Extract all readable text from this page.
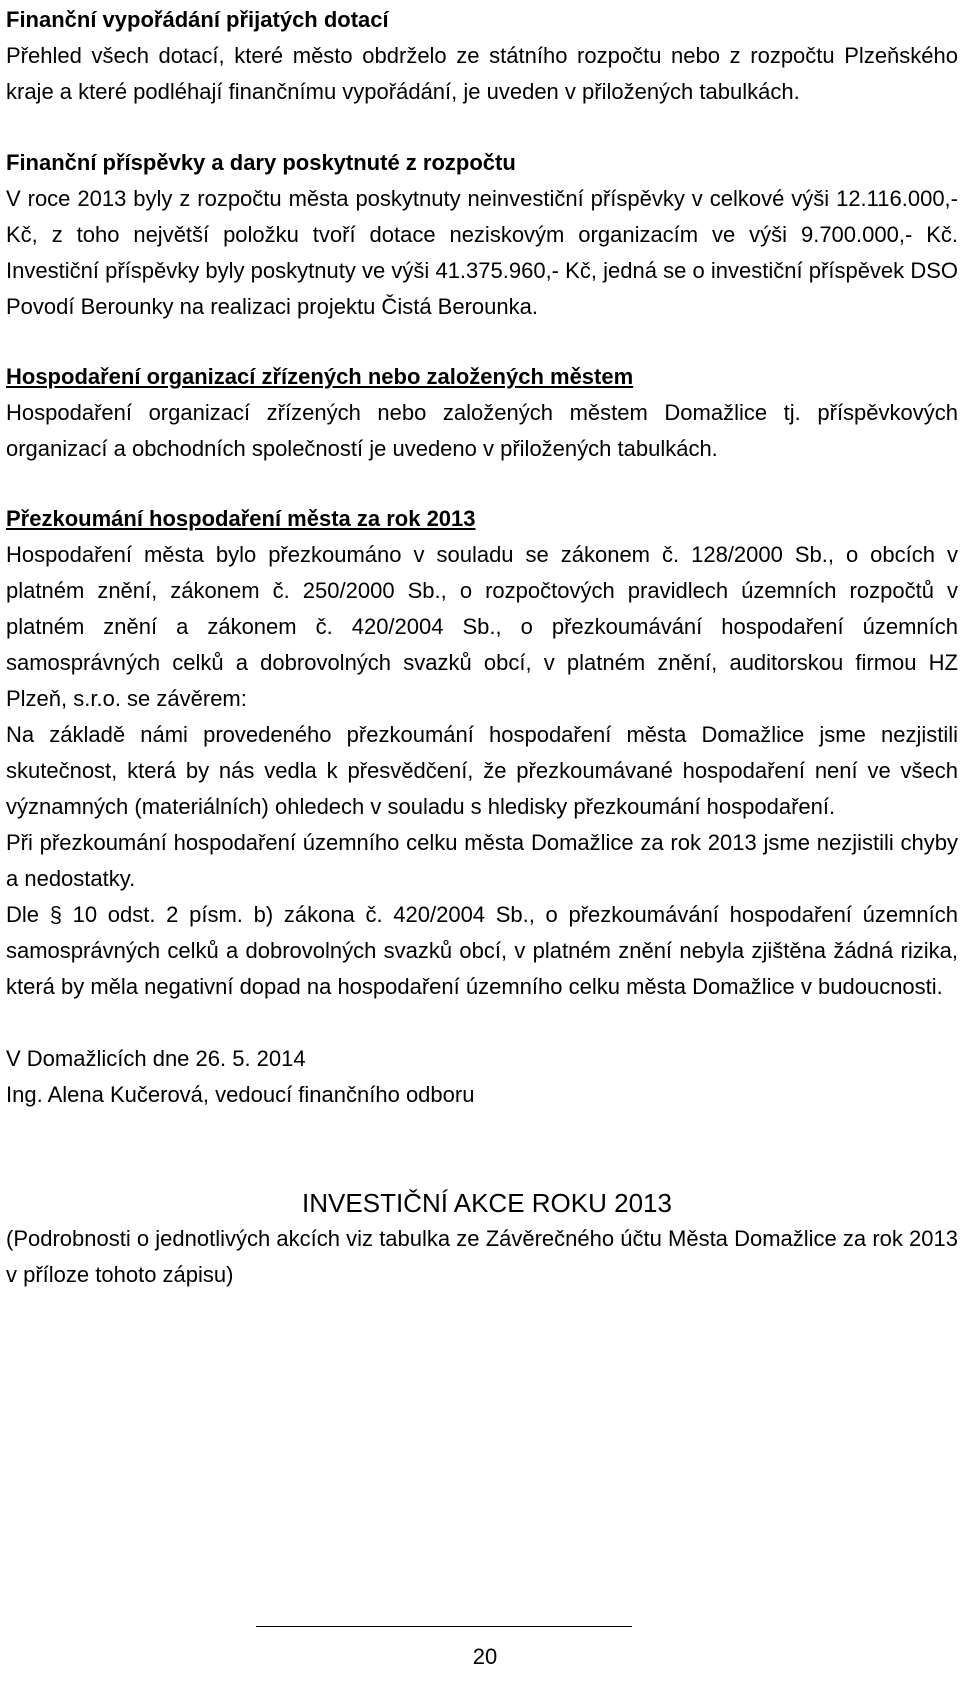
Finanční vypořádání přijatých dotací

Přehled všech dotací, které město obdrželo ze státního rozpočtu nebo z rozpočtu Plzeňského kraje a které podléhají finančnímu vypořádání, je uveden v přiložených tabulkách.

Finanční příspěvky a dary poskytnuté z rozpočtu

V roce 2013 byly z rozpočtu města poskytnuty neinvestiční příspěvky v celkové výši 12.116.000,- Kč, z toho největší položku tvoří dotace neziskovým organizacím ve výši 9.700.000,- Kč. Investiční příspěvky byly poskytnuty ve výši 41.375.960,- Kč, jedná se o investiční příspěvek DSO Povodí Berounky na realizaci projektu Čistá Berounka.

Hospodaření organizací zřízených nebo založených městem

Hospodaření organizací zřízených nebo založených městem Domažlice tj. příspěvkových organizací a obchodních společností je uvedeno v přiložených tabulkách.

Přezkoumání hospodaření města za rok 2013

Hospodaření města bylo přezkoumáno v souladu se zákonem č. 128/2000 Sb., o obcích v platném znění, zákonem č. 250/2000 Sb., o rozpočtových pravidlech územních rozpočtů v platném znění a zákonem č. 420/2004 Sb., o přezkoumávání hospodaření územních samosprávných celků a dobrovolných svazků obcí, v platném znění, auditorskou firmou HZ Plzeň, s.r.o. se závěrem:

Na základě námi provedeného přezkoumání hospodaření města Domažlice jsme nezjistili skutečnost, která by nás vedla k přesvědčení, že přezkoumávané hospodaření není ve všech významných (materiálních) ohledech v souladu s hledisky přezkoumání hospodaření.

Při přezkoumání hospodaření územního celku města Domažlice za rok 2013 jsme nezjistili chyby a nedostatky.

Dle § 10 odst. 2 písm. b) zákona č. 420/2004 Sb., o přezkoumávání hospodaření územních samosprávných celků a dobrovolných svazků obcí, v platném znění nebyla zjištěna žádná rizika, která by měla negativní dopad na hospodaření územního celku města Domažlice v budoucnosti.

V Domažlicích dne 26. 5. 2014

Ing. Alena Kučerová, vedoucí finančního odboru

INVESTIČNÍ AKCE ROKU 2013

(Podrobnosti o jednotlivých akcích viz tabulka ze Závěrečného účtu Města Domažlice za rok 2013 v příloze tohoto zápisu)

20
